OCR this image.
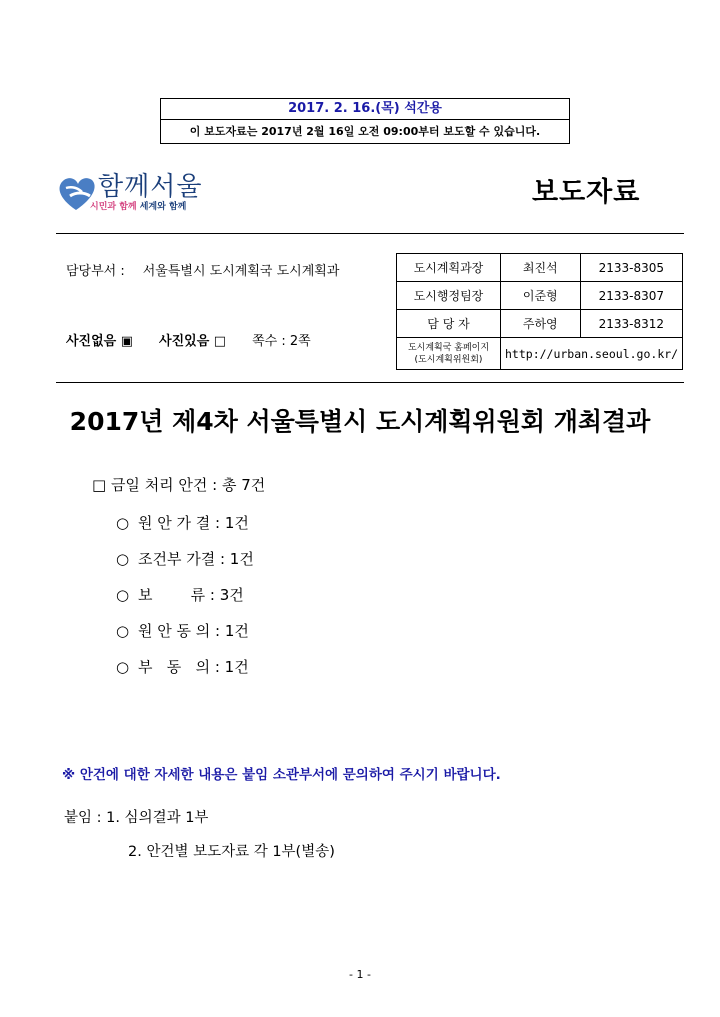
2017. 2. 16.(목) 석간용
이 보도자료는 2017년 2월 16일 오전 09:00부터 보도할 수 있습니다.
함께서울
시민과 함께 세계와 함께	보도자료
담당부서 : 서울특별시 도시계획국 도시계획과
사진없음 ▣ 사진있음 □ 쪽수 : 2쪽
도시계획과장	최진석	2133-8305
도시행정팀장	이준형	2133-8307
담 당 자	주하영	2133-8312

도시계획국 홈페이지
(도시계획위원회)	http://urban.seoul.go.kr/	
2017년 제4차 서울특별시 도시계획위원회 개최결과
□ 금일 처리 안건 : 총 7건
○ 원 안 가 결 : 1건
○ 조건부 가결 : 1건
○ 보        류 : 3건
○ 원 안 동 의 : 1건
○ 부   동   의 : 1건
※ 안건에 대한 자세한 내용은 붙임 소관부서에 문의하여 주시기 바랍니다.
붙임 : 1. 심의결과 1부
2. 안건별 보도자료 각 1부(별송)
- 1 -
